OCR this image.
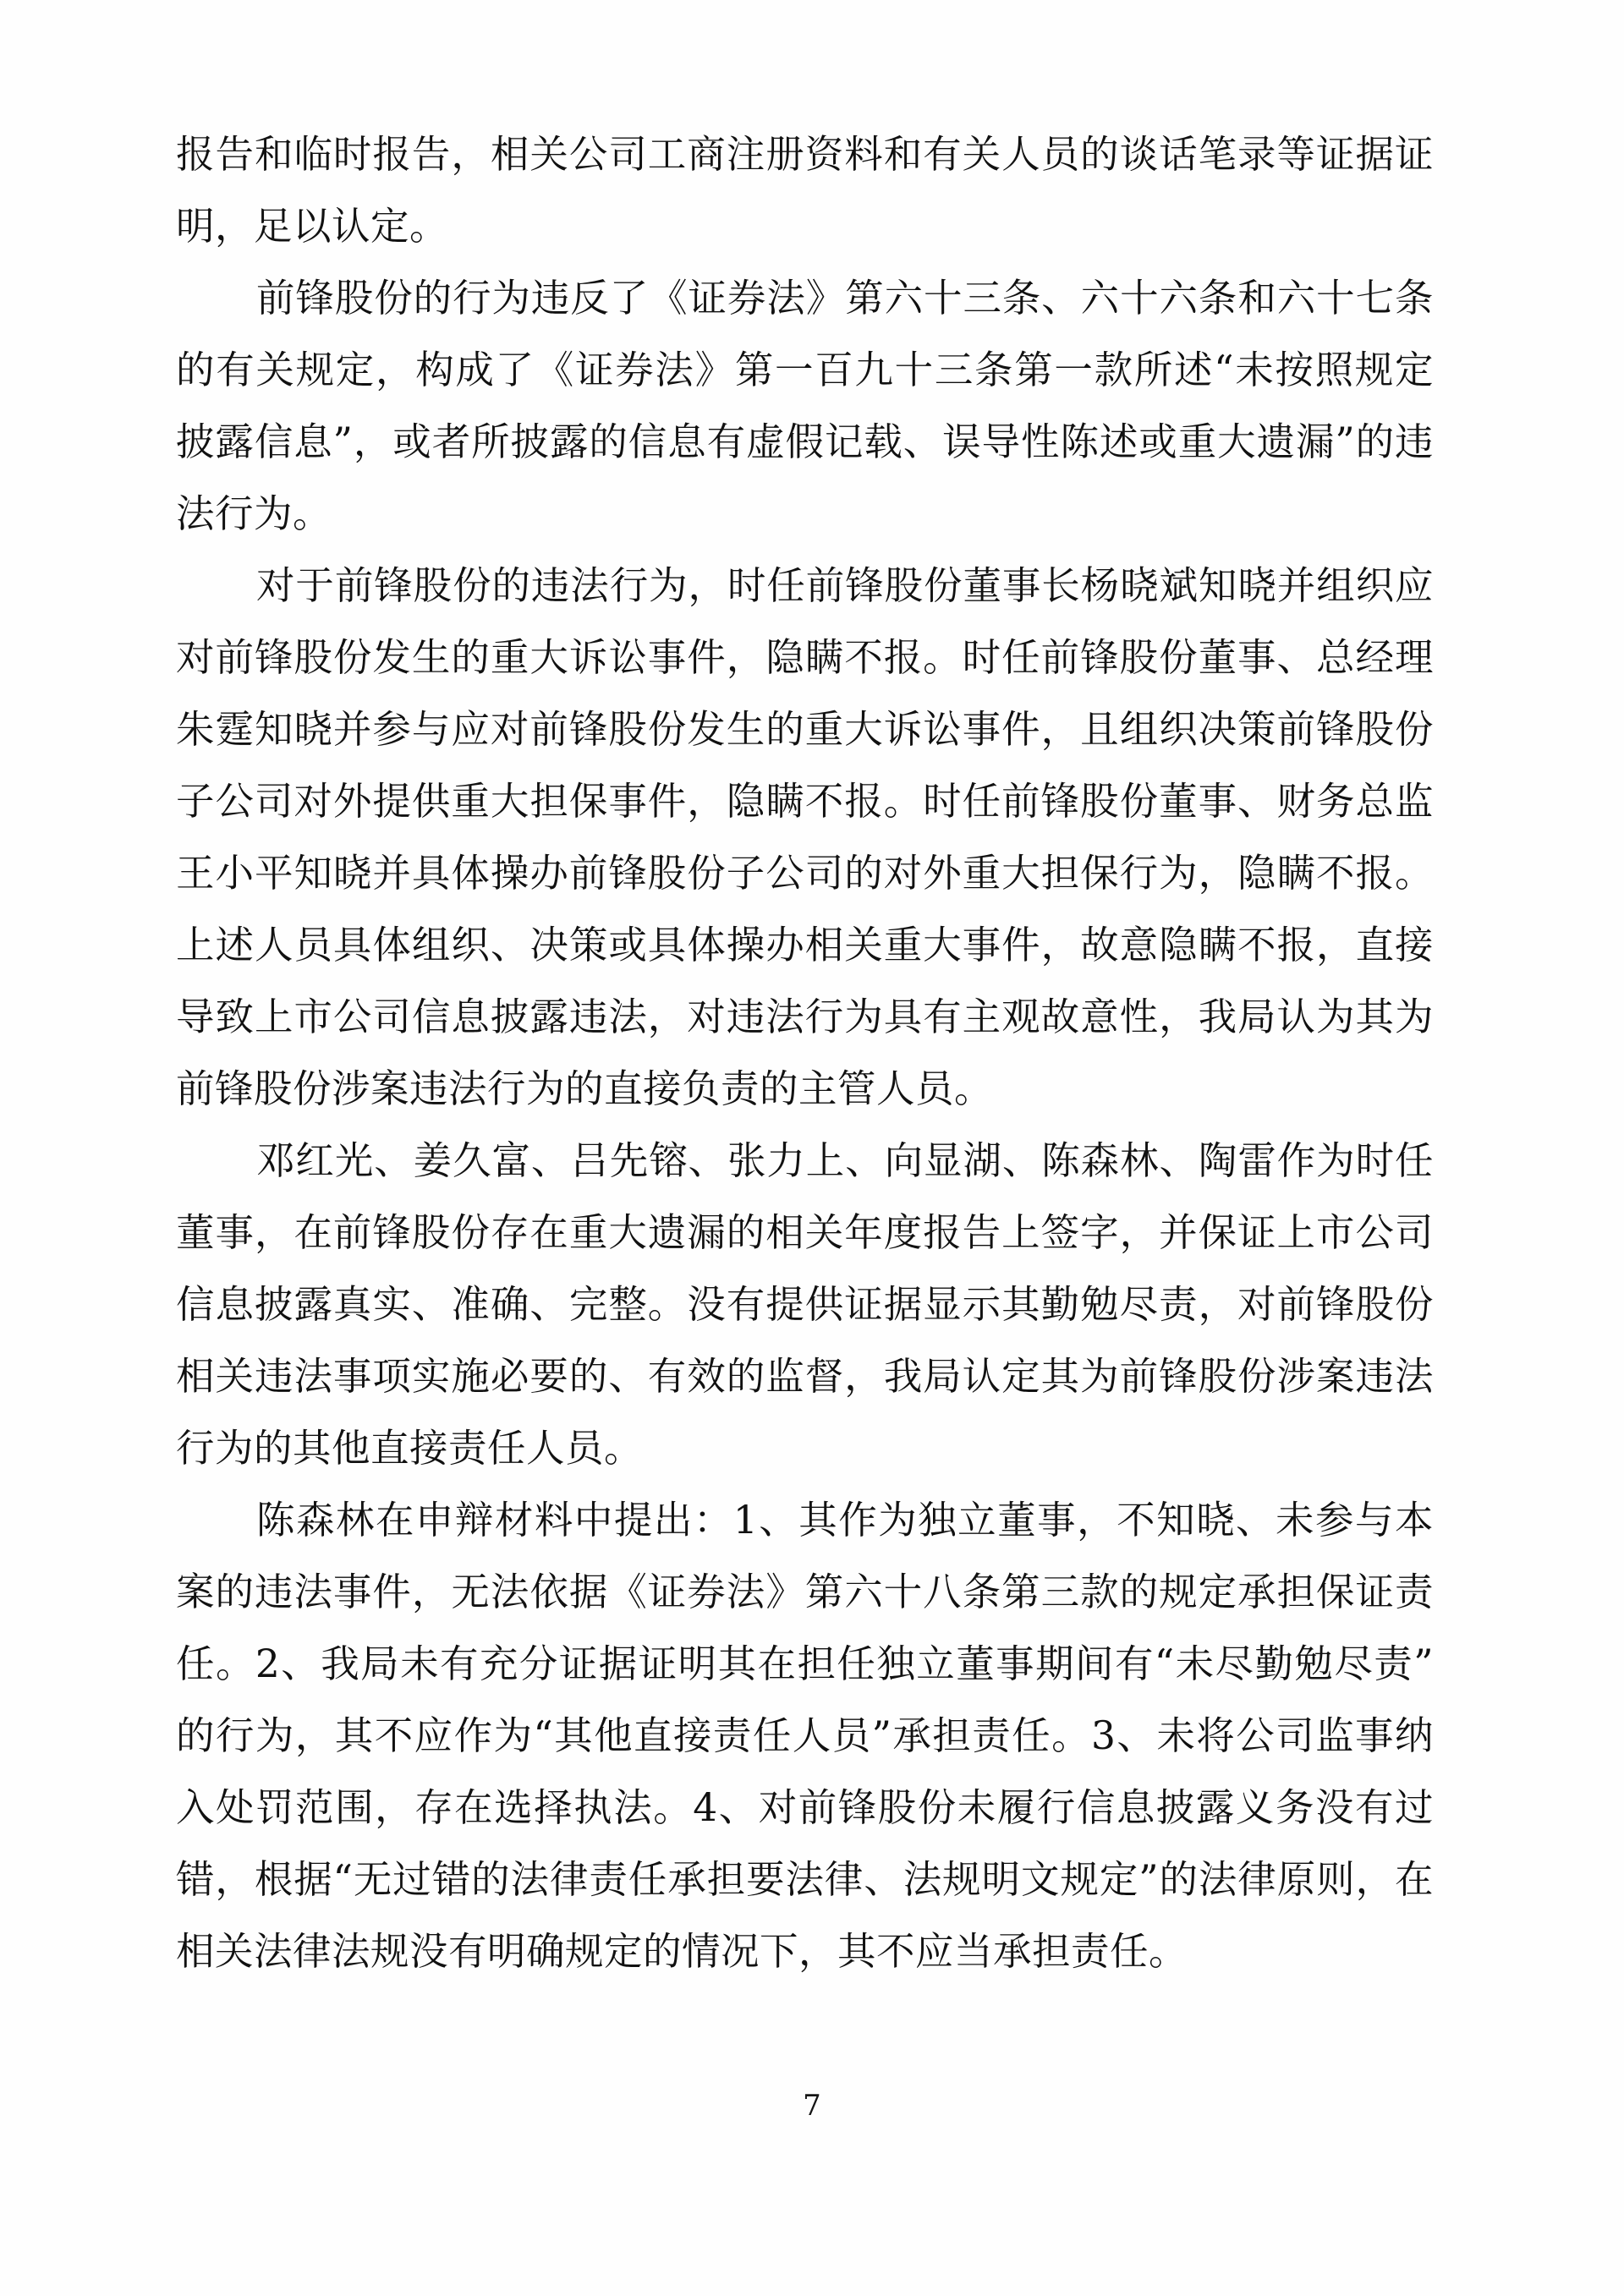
报告和临时报告，相关公司工商注册资料和有关人员的谈话笔录等证据证明，足以认定。

前锋股份的行为违反了《证券法》第六十三条、六十六条和六十七条的有关规定，构成了《证券法》第一百九十三条第一款所述“未按照规定披露信息”，或者所披露的信息有虚假记载、误导性陈述或重大遗漏”的违法行为。

对于前锋股份的违法行为，时任前锋股份董事长杨晓斌知晓并组织应对前锋股份发生的重大诉讼事件，隐瞒不报。时任前锋股份董事、总经理朱霆知晓并参与应对前锋股份发生的重大诉讼事件，且组织决策前锋股份子公司对外提供重大担保事件，隐瞒不报。时任前锋股份董事、财务总监王小平知晓并具体操办前锋股份子公司的对外重大担保行为，隐瞒不报。上述人员具体组织、决策或具体操办相关重大事件，故意隐瞒不报，直接导致上市公司信息披露违法，对违法行为具有主观故意性，我局认为其为前锋股份涉案违法行为的直接负责的主管人员。

邓红光、姜久富、吕先镕、张力上、向显湖、陈森林、陶雷作为时任董事，在前锋股份存在重大遗漏的相关年度报告上签字，并保证上市公司信息披露真实、准确、完整。没有提供证据显示其勤勉尽责，对前锋股份相关违法事项实施必要的、有效的监督，我局认定其为前锋股份涉案违法行为的其他直接责任人员。

陈森林在申辩材料中提出：1、其作为独立董事，不知晓、未参与本案的违法事件，无法依据《证券法》第六十八条第三款的规定承担保证责任。2、我局未有充分证据证明其在担任独立董事期间有“未尽勤勉尽责”的行为，其不应作为“其他直接责任人员”承担责任。3、未将公司监事纳入处罚范围，存在选择执法。4、对前锋股份未履行信息披露义务没有过错，根据“无过错的法律责任承担要法律、法规明文规定”的法律原则，在相关法律法规没有明确规定的情况下，其不应当承担责任。

7
